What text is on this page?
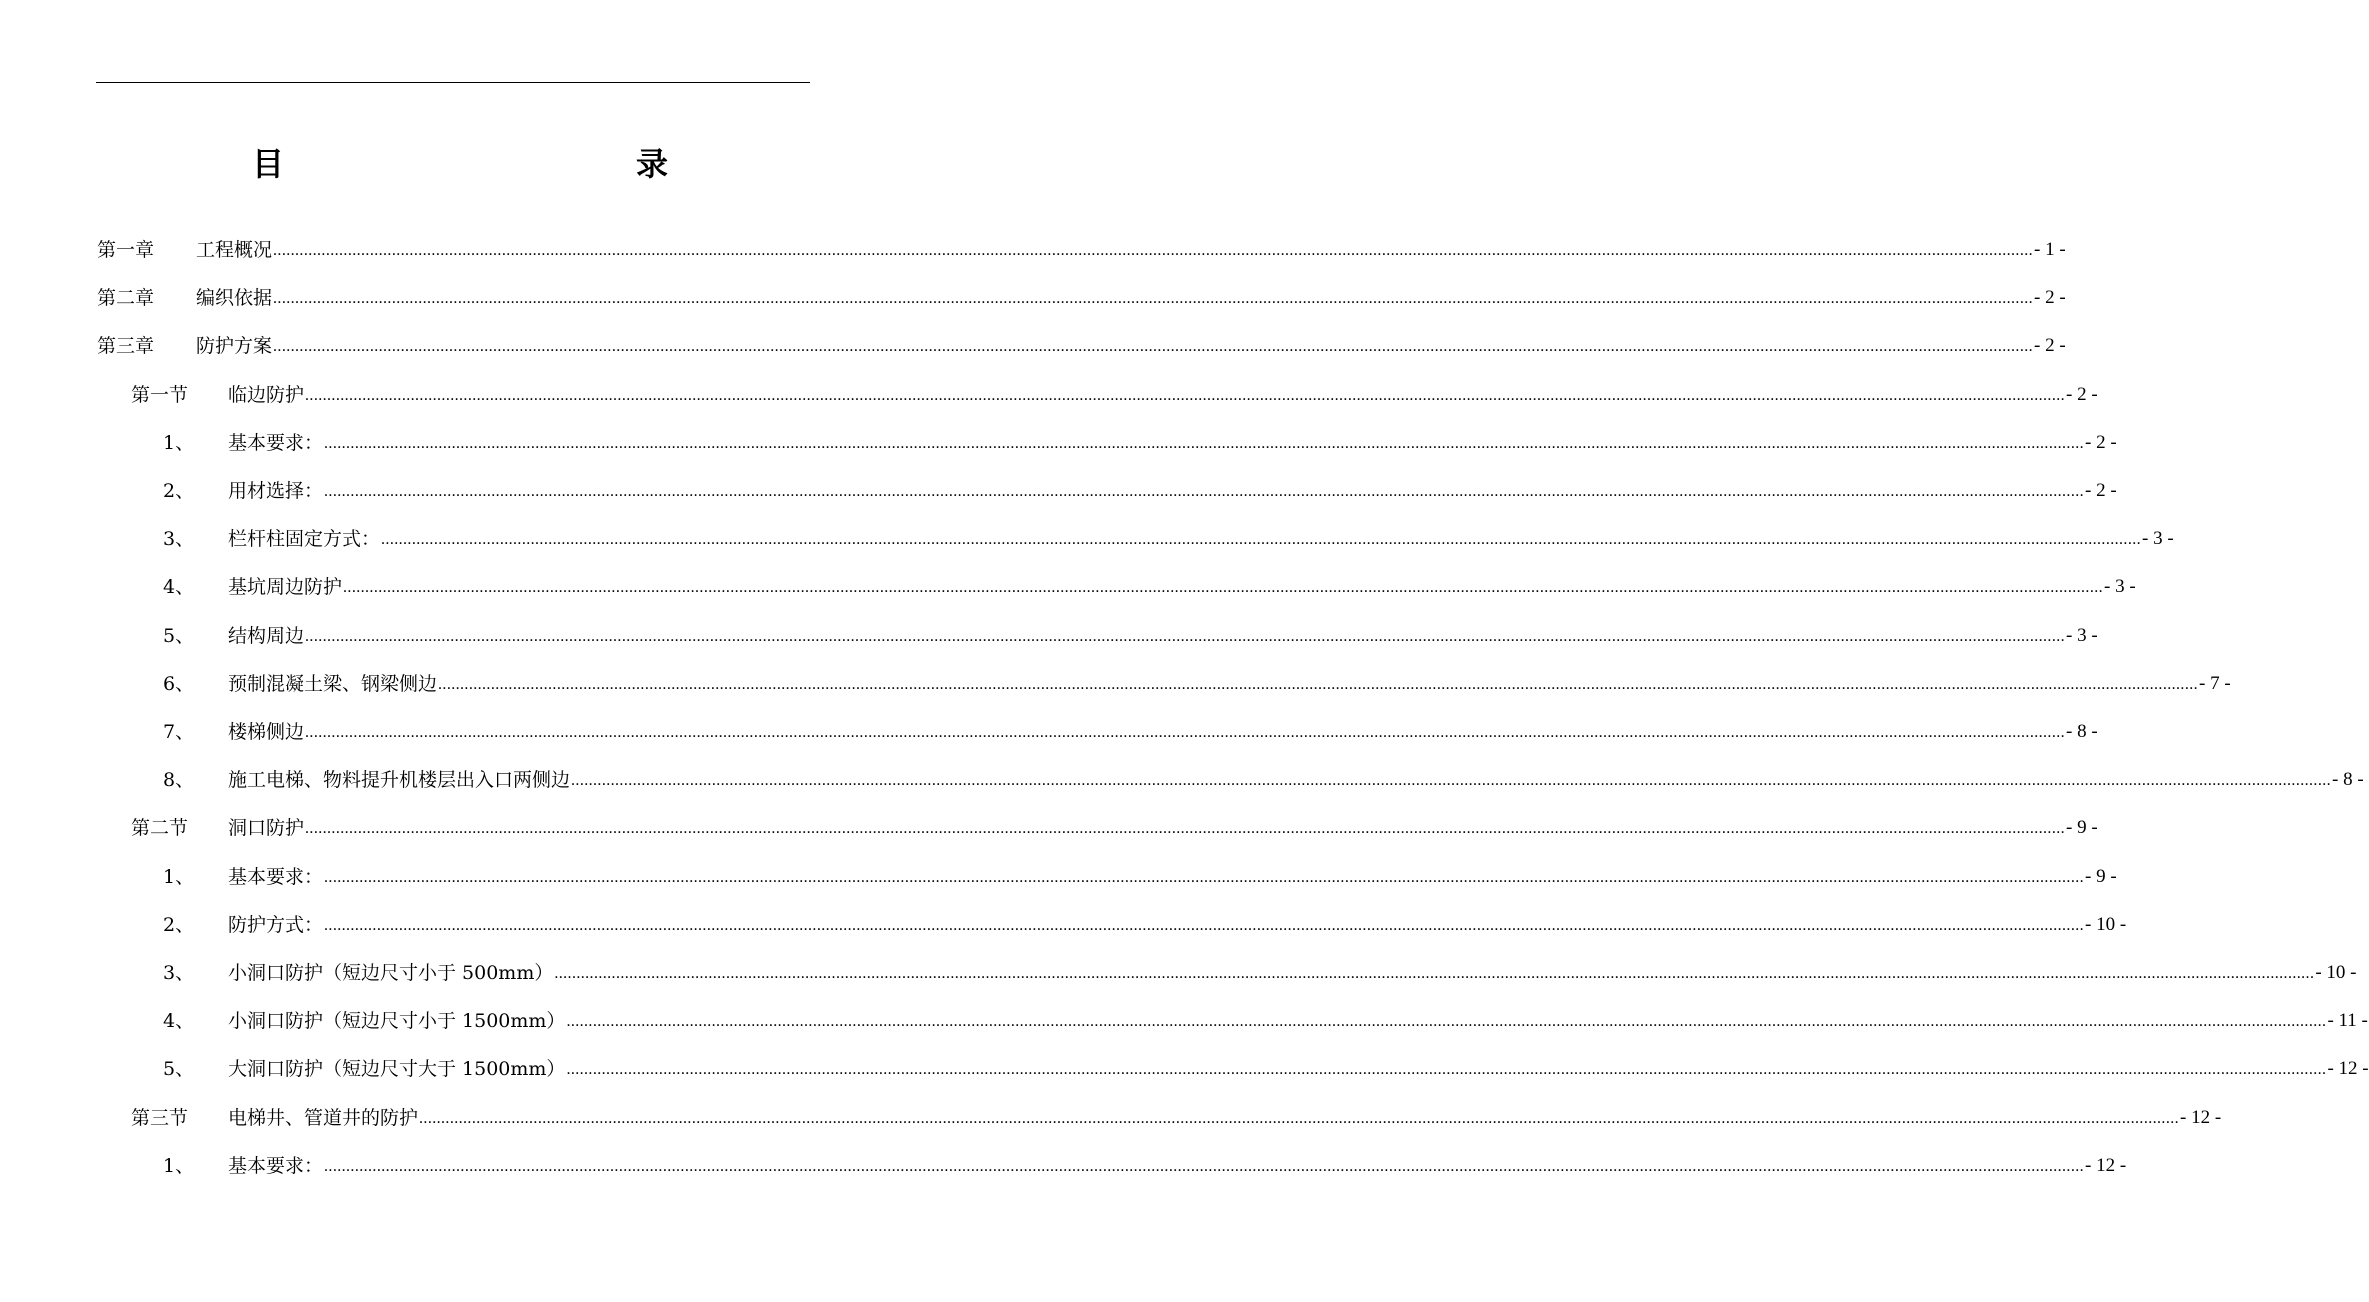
目　　录
第一章	工程概况 ................................................................................................................................................................................................................................................................................................................................................................................................................ - 1 -
第二章	编织依据 ................................................................................................................................................................................................................................................................................................................................................................................................................ - 2 -
第三章	防护方案 ................................................................................................................................................................................................................................................................................................................................................................................................................ - 2 -
第一节	临边防护 ................................................................................................................................................................................................................................................................................................................................................................................................................ - 2 -
1、	基本要求： ................................................................................................................................................................................................................................................................................................................................................................................................................ - 2 -
2、	用材选择： ................................................................................................................................................................................................................................................................................................................................................................................................................ - 2 -
3、	栏杆柱固定方式： ................................................................................................................................................................................................................................................................................................................................................................................................................ - 3 -
4、	基坑周边防护 ................................................................................................................................................................................................................................................................................................................................................................................................................ - 3 -
5、	结构周边 ................................................................................................................................................................................................................................................................................................................................................................................................................ - 3 -
6、	预制混凝土梁、钢梁侧边 ................................................................................................................................................................................................................................................................................................................................................................................................................ - 7 -
7、	楼梯侧边 ................................................................................................................................................................................................................................................................................................................................................................................................................ - 8 -
8、	施工电梯、物料提升机楼层出入口两侧边 ................................................................................................................................................................................................................................................................................................................................................................................................................ - 8 -
第二节	洞口防护 ................................................................................................................................................................................................................................................................................................................................................................................................................ - 9 -
1、	基本要求： ................................................................................................................................................................................................................................................................................................................................................................................................................ - 9 -
2、	防护方式： ................................................................................................................................................................................................................................................................................................................................................................................................................ - 10 -
3、	小洞口防护（短边尺寸小于 500mm） ................................................................................................................................................................................................................................................................................................................................................................................................................ - 10 -
4、	小洞口防护（短边尺寸小于 1500mm） ................................................................................................................................................................................................................................................................................................................................................................................................................ - 11 -
5、	大洞口防护（短边尺寸大于 1500mm） ................................................................................................................................................................................................................................................................................................................................................................................................................ - 12 -
第三节	电梯井、管道井的防护 ................................................................................................................................................................................................................................................................................................................................................................................................................ - 12 -
1、	基本要求： ................................................................................................................................................................................................................................................................................................................................................................................................................ - 12 -
